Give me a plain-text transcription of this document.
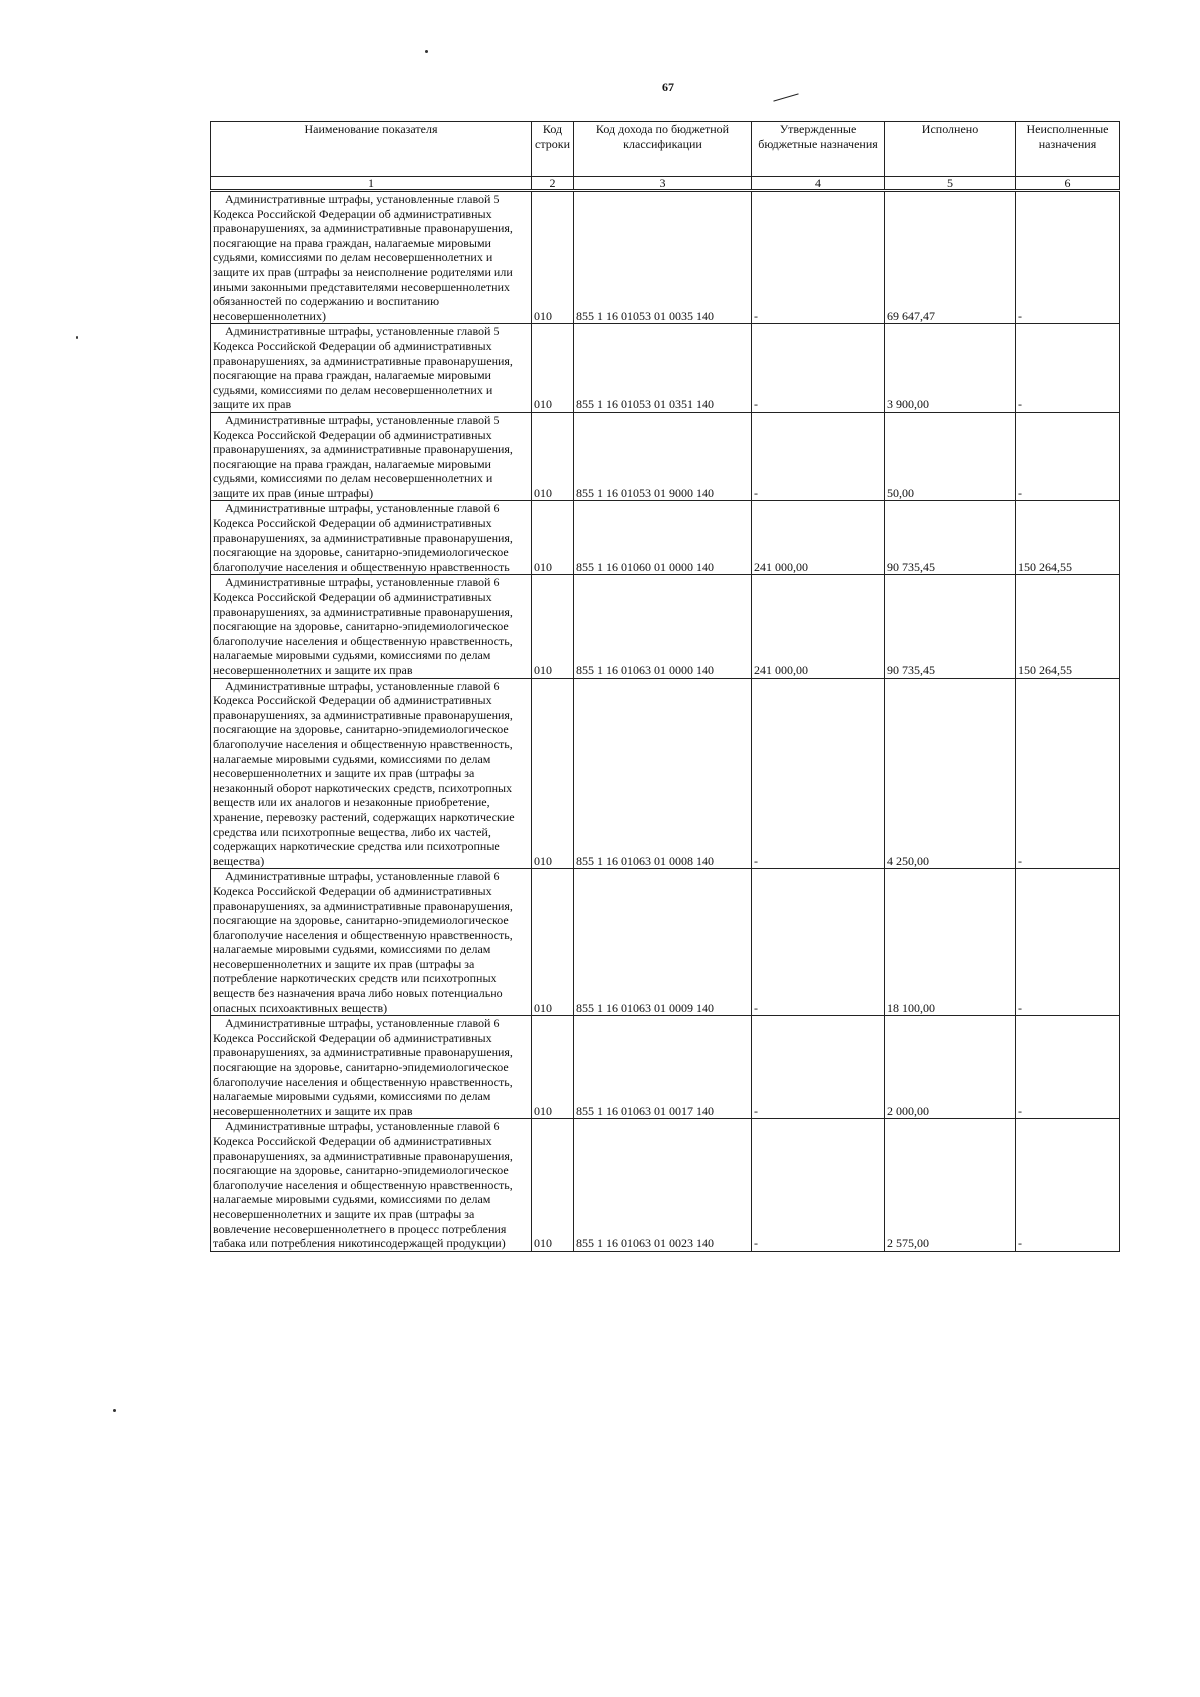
67
Наименование показателя	Код строки	Код дохода по бюджетной классификации	Утвержденные бюджетные назначения	Исполнено	Неисполненные назначения
1	2	3	4	5	6
Административные штрафы, установленные главой 5 Кодекса Российской Федерации об административных правонарушениях, за административные правонарушения, посягающие на права граждан, налагаемые мировыми судьями, комиссиями по делам несовершеннолетних и защите их прав (штрафы за неисполнение родителями или иными законными представителями несовершеннолетних обязанностей по содержанию и воспитанию несовершеннолетних)	010	855 1 16 01053 01 0035 140	-	69 647,47	-
Административные штрафы, установленные главой 5 Кодекса Российской Федерации об административных правонарушениях, за административные правонарушения, посягающие на права граждан, налагаемые мировыми судьями, комиссиями по делам несовершеннолетних и защите их прав	010	855 1 16 01053 01 0351 140	-	3 900,00	-
Административные штрафы, установленные главой 5 Кодекса Российской Федерации об административных правонарушениях, за административные правонарушения, посягающие на права граждан, налагаемые мировыми судьями, комиссиями по делам несовершеннолетних и защите их прав (иные штрафы)	010	855 1 16 01053 01 9000 140	-	50,00	-
Административные штрафы, установленные главой 6 Кодекса Российской Федерации об административных правонарушениях, за административные правонарушения, посягающие на здоровье, санитарно-эпидемиологическое благополучие населения и общественную нравственность	010	855 1 16 01060 01 0000 140	241 000,00	90 735,45	150 264,55
Административные штрафы, установленные главой 6 Кодекса Российской Федерации об административных правонарушениях, за административные правонарушения, посягающие на здоровье, санитарно-эпидемиологическое благополучие населения и общественную нравственность, налагаемые мировыми судьями, комиссиями по делам несовершеннолетних и защите их прав	010	855 1 16 01063 01 0000 140	241 000,00	90 735,45	150 264,55
Административные штрафы, установленные главой 6 Кодекса Российской Федерации об административных правонарушениях, за административные правонарушения, посягающие на здоровье, санитарно-эпидемиологическое благополучие населения и общественную нравственность, налагаемые мировыми судьями, комиссиями по делам несовершеннолетних и защите их прав (штрафы за незаконный оборот наркотических средств, психотропных веществ или их аналогов и незаконные приобретение, хранение, перевозку растений, содержащих наркотические средства или психотропные вещества, либо их частей, содержащих наркотические средства или психотропные вещества)	010	855 1 16 01063 01 0008 140	-	4 250,00	-
Административные штрафы, установленные главой 6 Кодекса Российской Федерации об административных правонарушениях, за административные правонарушения, посягающие на здоровье, санитарно-эпидемиологическое благополучие населения и общественную нравственность, налагаемые мировыми судьями, комиссиями по делам несовершеннолетних и защите их прав (штрафы за потребление наркотических средств или психотропных веществ без назначения врача либо новых потенциально опасных психоактивных веществ)	010	855 1 16 01063 01 0009 140	-	18 100,00	-
Административные штрафы, установленные главой 6 Кодекса Российской Федерации об административных правонарушениях, за административные правонарушения, посягающие на здоровье, санитарно-эпидемиологическое благополучие населения и общественную нравственность, налагаемые мировыми судьями, комиссиями по делам несовершеннолетних и защите их прав	010	855 1 16 01063 01 0017 140	-	2 000,00	-
Административные штрафы, установленные главой 6 Кодекса Российской Федерации об административных правонарушениях, за административные правонарушения, посягающие на здоровье, санитарно-эпидемиологическое благополучие населения и общественную нравственность, налагаемые мировыми судьями, комиссиями по делам несовершеннолетних и защите их прав (штрафы за вовлечение несовершеннолетнего в процесс потребления табака или потребления никотинсодержащей продукции)	010	855 1 16 01063 01 0023 140	-	2 575,00	-
